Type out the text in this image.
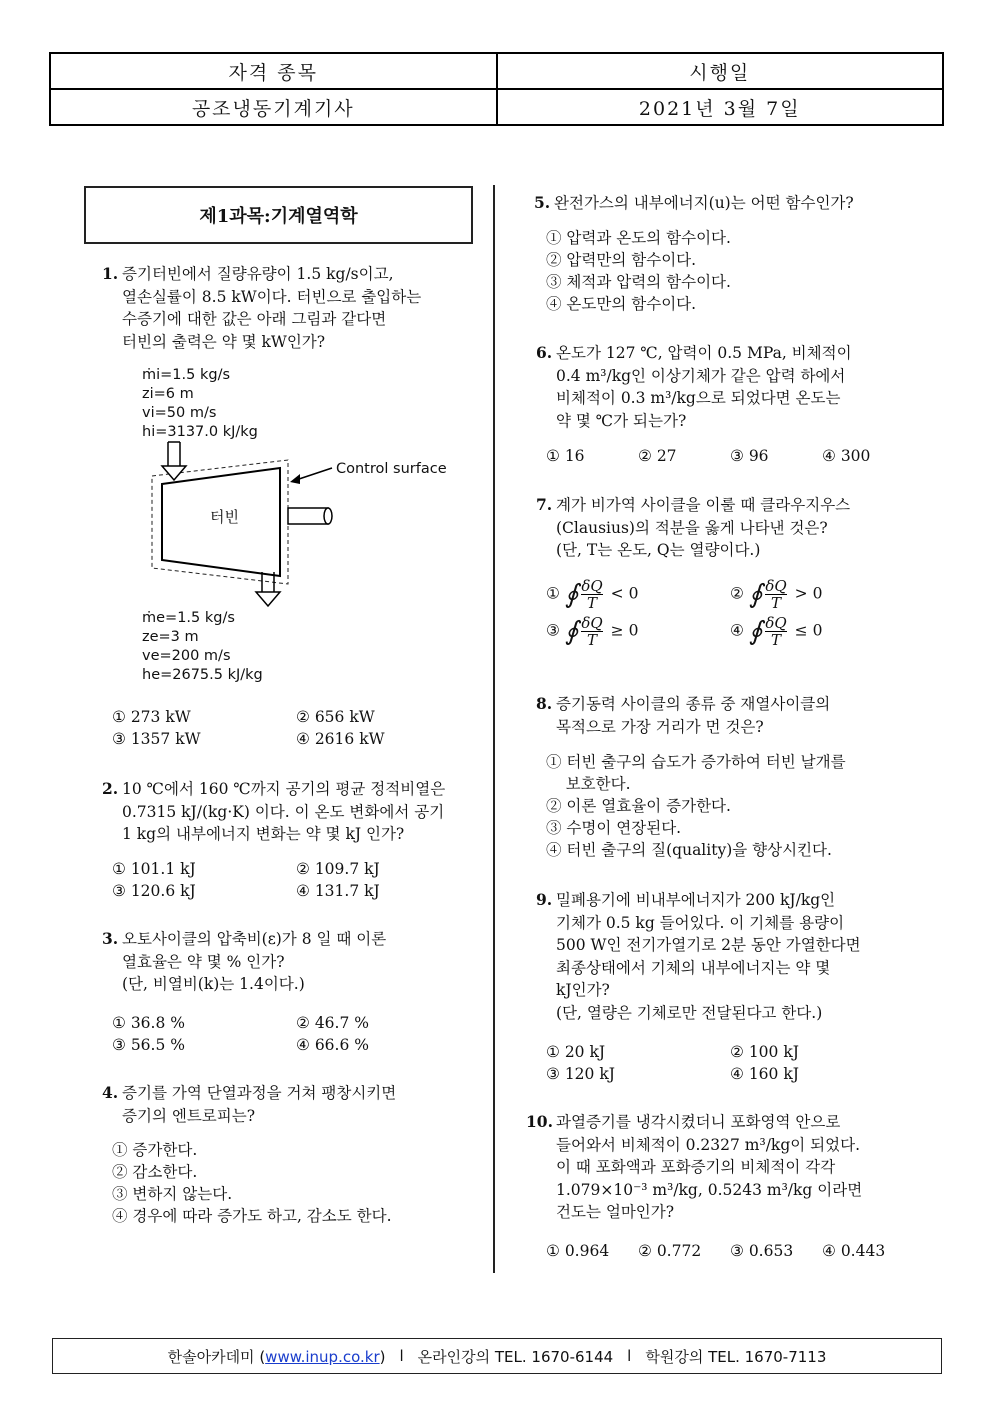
자격 종목	시행일
공조냉동기계기사	2021년 3월 7일
제1과목:기계열역학
1. 증기터빈에서 질량유량이 1.5 kg/s이고,
열손실률이 8.5 kW이다. 터빈으로 출입하는
수증기에 대한 값은 아래 그림과 같다면
터빈의 출력은 약 몇 kW인가?
ṁi=1.5 kg/s
zi=6 m
vi=50 m/s
hi=3137.0 kJ/kg
Control surface
터빈
ṁe=1.5 kg/s
ze=3 m
ve=200 m/s
he=2675.5 kJ/kg
① 273 kW	② 656 kW
③ 1357 kW	④ 2616 kW
2. 10 ℃에서 160 ℃까지 공기의 평균 정적비열은
0.7315 kJ/(kg·K) 이다. 이 온도 변화에서 공기
1 kg의 내부에너지 변화는 약 몇 kJ 인가?
① 101.1 kJ	② 109.7 kJ
③ 120.6 kJ	④ 131.7 kJ
3. 오토사이클의 압축비(ε)가 8 일 때 이론
열효율은 약 몇 % 인가?
(단, 비열비(k)는 1.4이다.)
① 36.8 %	② 46.7 %
③ 56.5 %	④ 66.6 %
4. 증기를 가역 단열과정을 거쳐 팽창시키면
증기의 엔트로피는?
① 증가한다.
② 감소한다.
③ 변하지 않는다.
④ 경우에 따라 증가도 하고, 감소도 한다.
5. 완전가스의 내부에너지(u)는 어떤 함수인가?
① 압력과 온도의 함수이다.
② 압력만의 함수이다.
③ 체적과 압력의 함수이다.
④ 온도만의 함수이다.
6. 온도가 127 ℃, 압력이 0.5 MPa, 비체적이
0.4 m³/kg인 이상기체가 같은 압력 하에서
비체적이 0.3 m³/kg으로 되었다면 온도는
약 몇 ℃가 되는가?
① 16	② 27	③ 96	④ 300
7. 계가 비가역 사이클을 이룰 때 클라우지우스
(Clausius)의 적분을 옳게 나타낸 것은?
(단, T는 온도, Q는 열량이다.)
① ∮ $\frac{\delta Q}{T} < 0$	② ∮ $\frac{\delta Q}{T} > 0$
③ ∮ $\frac{\delta Q}{T} \ge 0$	④ ∮ $\frac{\delta Q}{T} \le 0$
8. 증기동력 사이클의 종류 중 재열사이클의
목적으로 가장 거리가 먼 것은?
① 터빈 출구의 습도가 증가하여 터빈 날개를
보호한다.
② 이론 열효율이 증가한다.
③ 수명이 연장된다.
④ 터빈 출구의 질(quality)을 향상시킨다.
9. 밀폐용기에 비내부에너지가 200 kJ/kg인
기체가 0.5 kg 들어있다. 이 기체를 용량이
500 W인 전기가열기로 2분 동안 가열한다면
최종상태에서 기체의 내부에너지는 약 몇
kJ인가?
(단, 열량은 기체로만 전달된다고 한다.)
① 20 kJ	② 100 kJ
③ 120 kJ	④ 160 kJ
10. 과열증기를 냉각시켰더니 포화영역 안으로
들어와서 비체적이 0.2327 m³/kg이 되었다.
이 때 포화액과 포화증기의 비체적이 각각
1.079×10⁻³ m³/kg, 0.5243 m³/kg 이라면
건도는 얼마인가?
① 0.964	② 0.772	③ 0.653	④ 0.443
한솔아카데미 (www.inup.co.kr) l 온라인강의 TEL. 1670-6144 l 학원강의 TEL. 1670-7113
